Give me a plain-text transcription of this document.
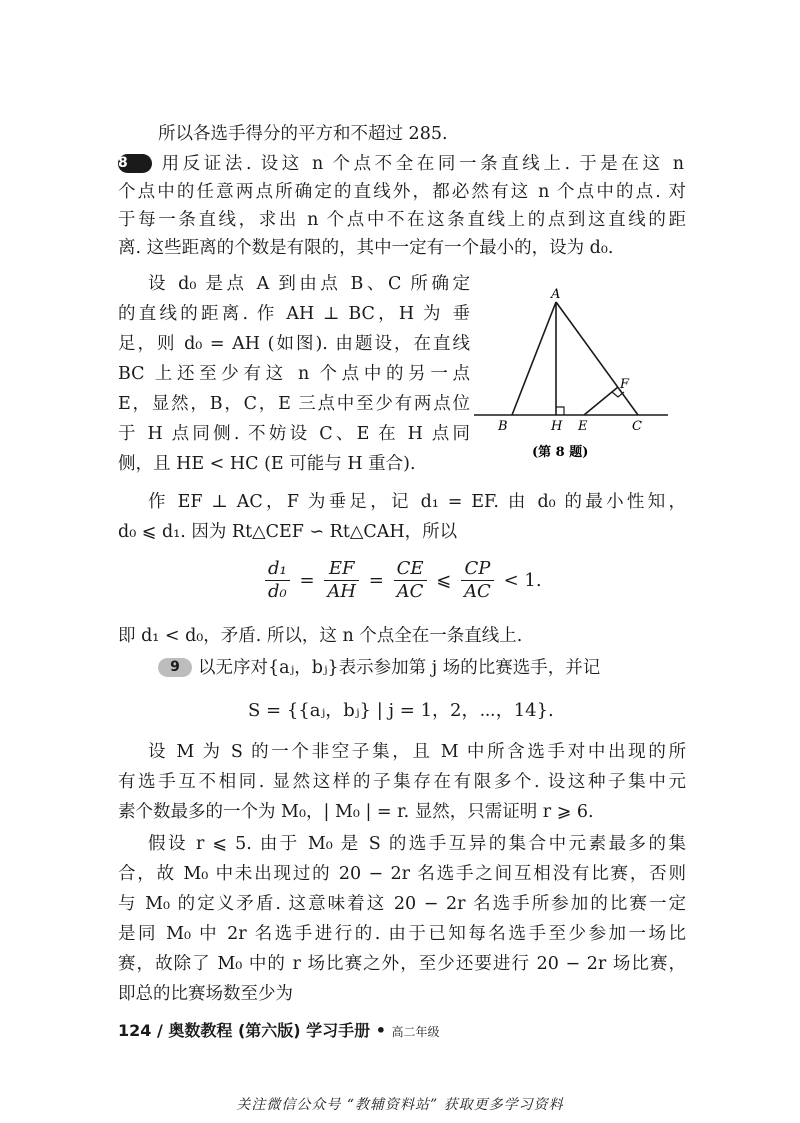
所以各选手得分的平方和不超过 285.
8 用反证法. 设这 n 个点不全在同一条直线上. 于是在这 n
个点中的任意两点所确定的直线外，都必然有这 n 个点中的点. 对
于每一条直线，求出 n 个点中不在这条直线上的点到这直线的距
离. 这些距离的个数是有限的，其中一定有一个最小的，设为 d₀.
设 d₀ 是点 A 到由点 B、C 所确定
的直线的距离. 作 AH ⊥ BC，H 为 垂
足，则 d₀ = AH (如图). 由题设，在直线
BC 上还至少有这 n 个点中的另一点
E，显然，B，C，E 三点中至少有两点位
于 H 点同侧. 不妨设 C、E 在 H 点同
侧，且 HE < HC (E 可能与 H 重合).
A
B	H E	C
F
(第 8 题)
作 EF ⊥ AC，F 为垂足，记 d₁ = EF. 由 d₀ 的最小性知，
d₀ ⩽ d₁. 因为 Rt△CEF ∽ Rt△CAH，所以
$\frac{\text{d₁}}{\text{d₀}} = \frac{EF}{AH} = \frac{CE}{AC}$ ⩽ $\frac{CP}{AC} < 1$.
即 d₁ < d₀，矛盾. 所以，这 n 个点全在一条直线上.
9 以无序对{aⱼ，bⱼ}表示参加第 j 场的比赛选手，并记
S = {{aⱼ，bⱼ} | j = 1，2，⋯，14}.
设 M 为 S 的一个非空子集，且 M 中所含选手对中出现的所
有选手互不相同. 显然这样的子集存在有限多个. 设这种子集中元
素个数最多的一个为 M₀，| M₀ | = r. 显然，只需证明 r ⩾ 6.
假设 r ⩽ 5. 由于 M₀ 是 S 的选手互异的集合中元素最多的集
合，故 M₀ 中未出现过的 20 − 2r 名选手之间互相没有比赛，否则
与 M₀ 的定义矛盾. 这意味着这 20 − 2r 名选手所参加的比赛一定
是同 M₀ 中 2r 名选手进行的. 由于已知每名选手至少参加一场比
赛，故除了 M₀ 中的 r 场比赛之外，至少还要进行 20 − 2r 场比赛，
即总的比赛场数至少为
124 / 奥数教程 (第六版) 学习手册 • 高二年级
关注微信公众号 “教辅资料站” 获取更多学习资料
